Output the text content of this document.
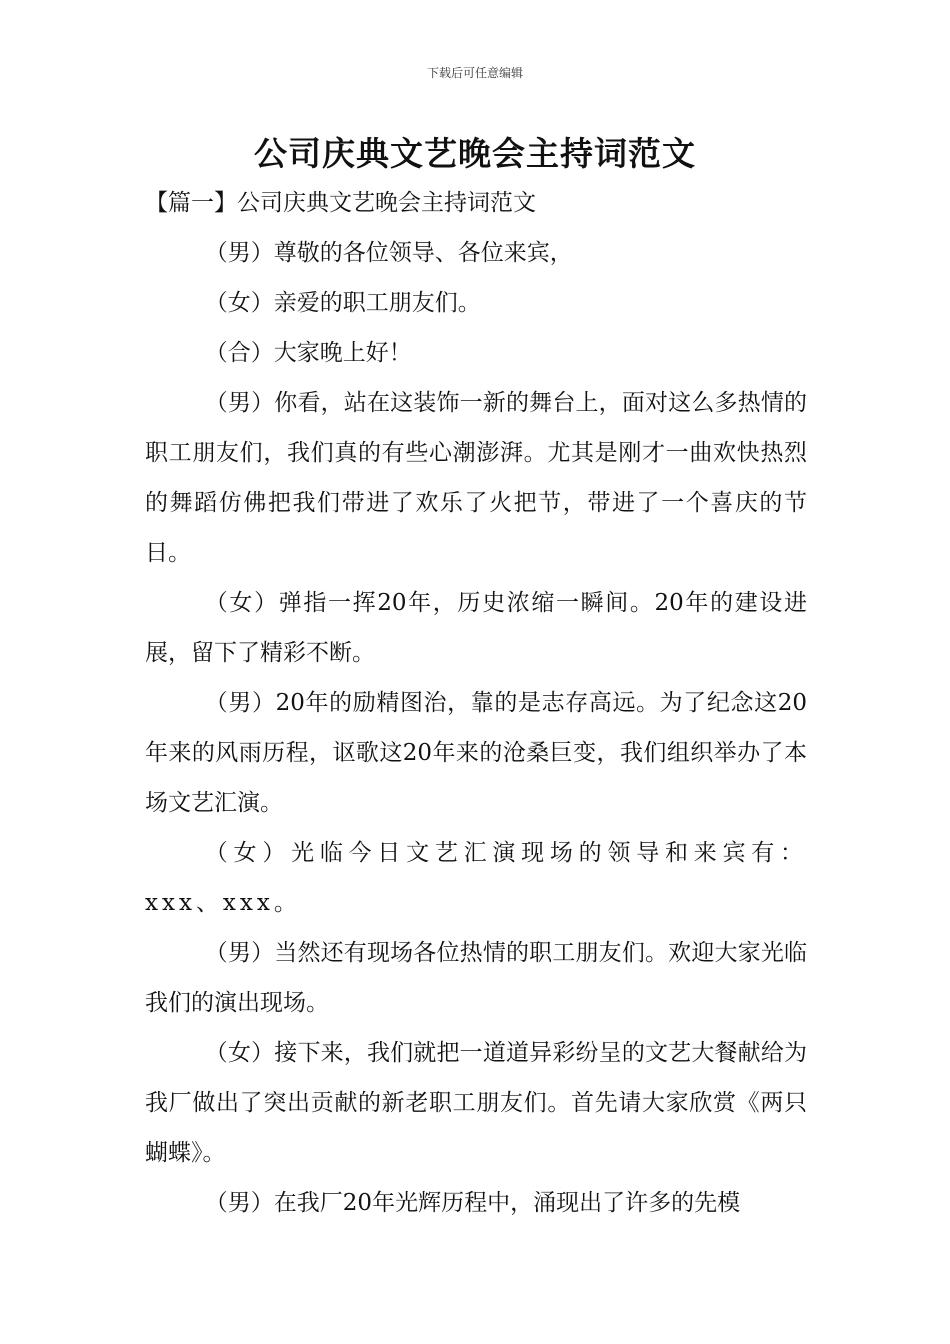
下载后可任意编辑
公司庆典文艺晚会主持词范文

【篇一】公司庆典文艺晚会主持词范文

（男）尊敬的各位领导、各位来宾，

（女）亲爱的职工朋友们。

（合）大家晚上好！

（男）你看，站在这装饰一新的舞台上，面对这么多热情的职工朋友们，我们真的有些心潮澎湃。尤其是刚才一曲欢快热烈的舞蹈仿佛把我们带进了欢乐了火把节，带进了一个喜庆的节日。

（女）弹指一挥20年，历史浓缩一瞬间。20年的建设进展，留下了精彩不断。

（男）20年的励精图治，靠的是志存高远。为了纪念这20年来的风雨历程，讴歌这20年来的沧桑巨变，我们组织举办了本场文艺汇演。

（女）光临今日文艺汇演现场的领导和来宾有：xxx、xxx。

（男）当然还有现场各位热情的职工朋友们。欢迎大家光临我们的演出现场。

（女）接下来，我们就把一道道异彩纷呈的文艺大餐献给为我厂做出了突出贡献的新老职工朋友们。首先请大家欣赏《两只蝴蝶》。

（男）在我厂20年光辉历程中，涌现出了许多的先模
